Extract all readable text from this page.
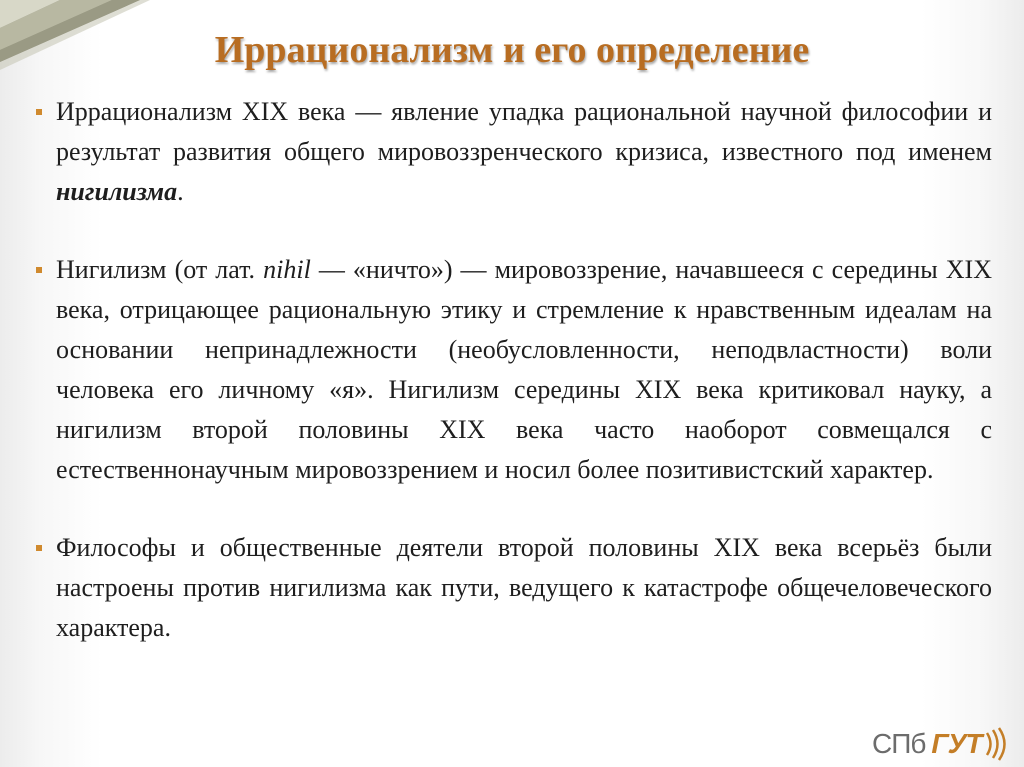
Иррационализм и его определение

Иррационализм XIX века — явление упадка рациональной научной философии и результат развития общего мировоззренческого кризиса, известного под именем нигилизма.

Нигилизм (от лат. nihil — «ничто») — мировоззрение, начавшееся с середины XIX века, отрицающее рациональную этику и стремление к нравственным идеалам на основании непринадлежности (необусловленности, неподвластности) воли человека его личному «я». Нигилизм середины XIX века критиковал науку, а нигилизм второй половины XIX века часто наоборот совмещался с естественнонаучным мировоззрением и носил более позитивистский характер.

Философы и общественные деятели второй половины XIX века всерьёз были настроены против нигилизма как пути, ведущего к катастрофе общечеловеческого характера.

СПб ГУТ
